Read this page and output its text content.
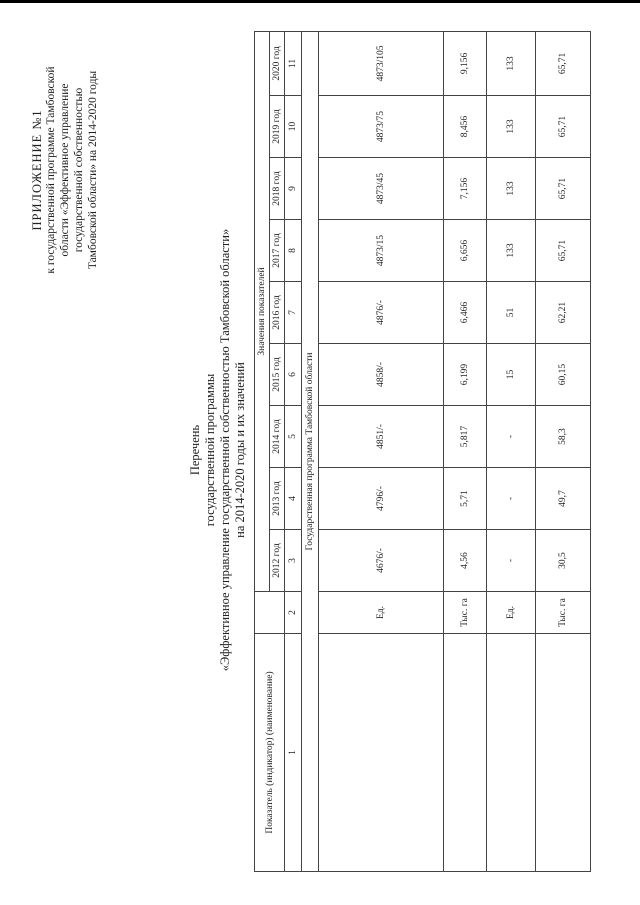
ПРИЛОЖЕНИЕ №1 к государственной программе Тамбовской области «Эффективное управление государственной собственностью Тамбовской области» на 2014-2020 годы
Перечень государственной программы «Эффективное управление государственной собственностью Тамбовской области» на 2014-2020 годы и их значений
Показатель (индикатор) (наименование)		Значения показателей								
		2012 год	2013 год	2014 год	2015 год	2016 год	2017 год	2018 год	2019 год	2020 год
1	2	3	4	5	6	7	8	9	10	11
Государственная программа Тамбовской области										
	Ед.	4676/-	4796/-	4851/-	4858/-	4876/-	4873/15	4873/45	4873/75	4873/105
	Тыс. га	4,56	5,71	5,817	6,199	6,466	6,656	7,156	8,456	9,156
	Ед.	-	-	-	15	51	133	133	133	133
	Тыс. га	30,5	49,7	58,3	60,15	62,21	65,71	65,71	65,71	65,71
